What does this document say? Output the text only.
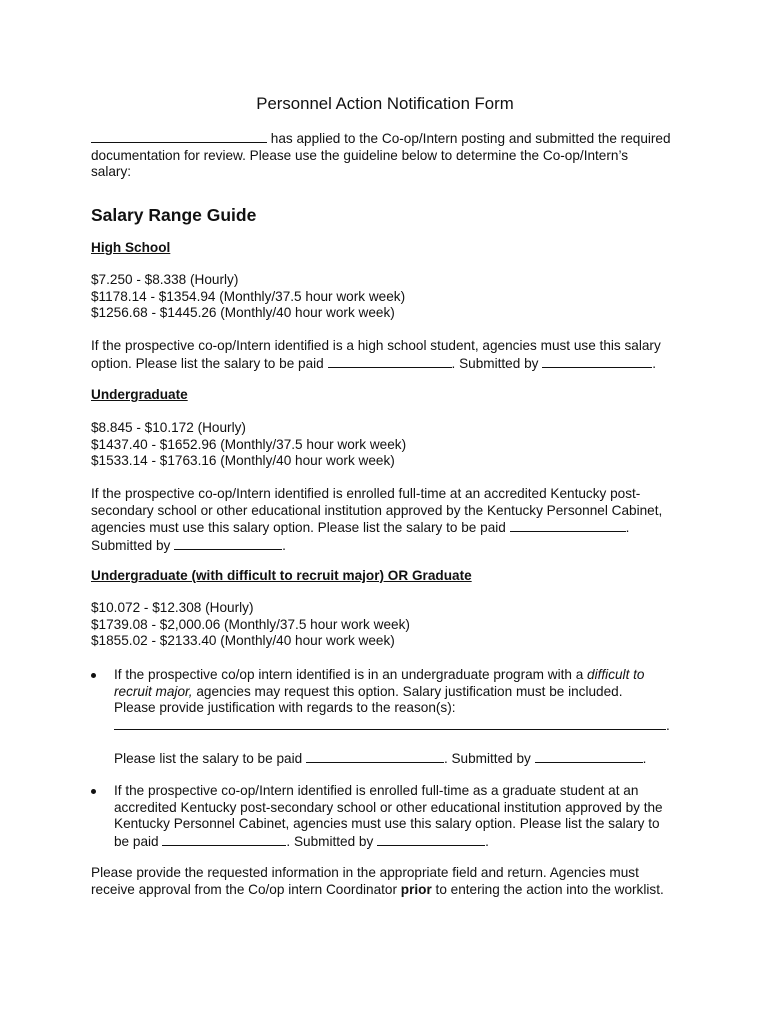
Personnel Action Notification Form
has applied to the Co-op/Intern posting and submitted the required
documentation for review. Please use the guideline below to determine the Co-op/Intern’s
salary:
Salary Range Guide
High School
$7.250 - $8.338 (Hourly)
$1178.14 - $1354.94 (Monthly/37.5 hour work week)
$1256.68 - $1445.26 (Monthly/40 hour work week)
If the prospective co-op/Intern identified is a high school student, agencies must use this salary
option. Please list the salary to be paid	. Submitted by	.
Undergraduate
$8.845 - $10.172 (Hourly)
$1437.40 - $1652.96 (Monthly/37.5 hour work week)
$1533.14 - $1763.16 (Monthly/40 hour work week)
If the prospective co-op/Intern identified is enrolled full-time at an accredited Kentucky post-
secondary school or other educational institution approved by the Kentucky Personnel Cabinet,
agencies must use this salary option. Please list the salary to be paid	.
Submitted by	.
Undergraduate (with difficult to recruit major) OR Graduate
$10.072 - $12.308 (Hourly)
$1739.08 - $2,000.06 (Monthly/37.5 hour work week)
$1855.02 - $2133.40 (Monthly/40 hour work week)
If the prospective co/op intern identified is in an undergraduate program with a difficult to
recruit major, agencies may request this option. Salary justification must be included.
Please provide justification with regards to the reason(s):
.
Please list the salary to be paid	. Submitted by	.
If the prospective co-op/Intern identified is enrolled full-time as a graduate student at an
accredited Kentucky post-secondary school or other educational institution approved by the
Kentucky Personnel Cabinet, agencies must use this salary option. Please list the salary to
be paid	. Submitted by	.
Please provide the requested information in the appropriate field and return. Agencies must
receive approval from the Co/op intern Coordinator prior to entering the action into the worklist.
